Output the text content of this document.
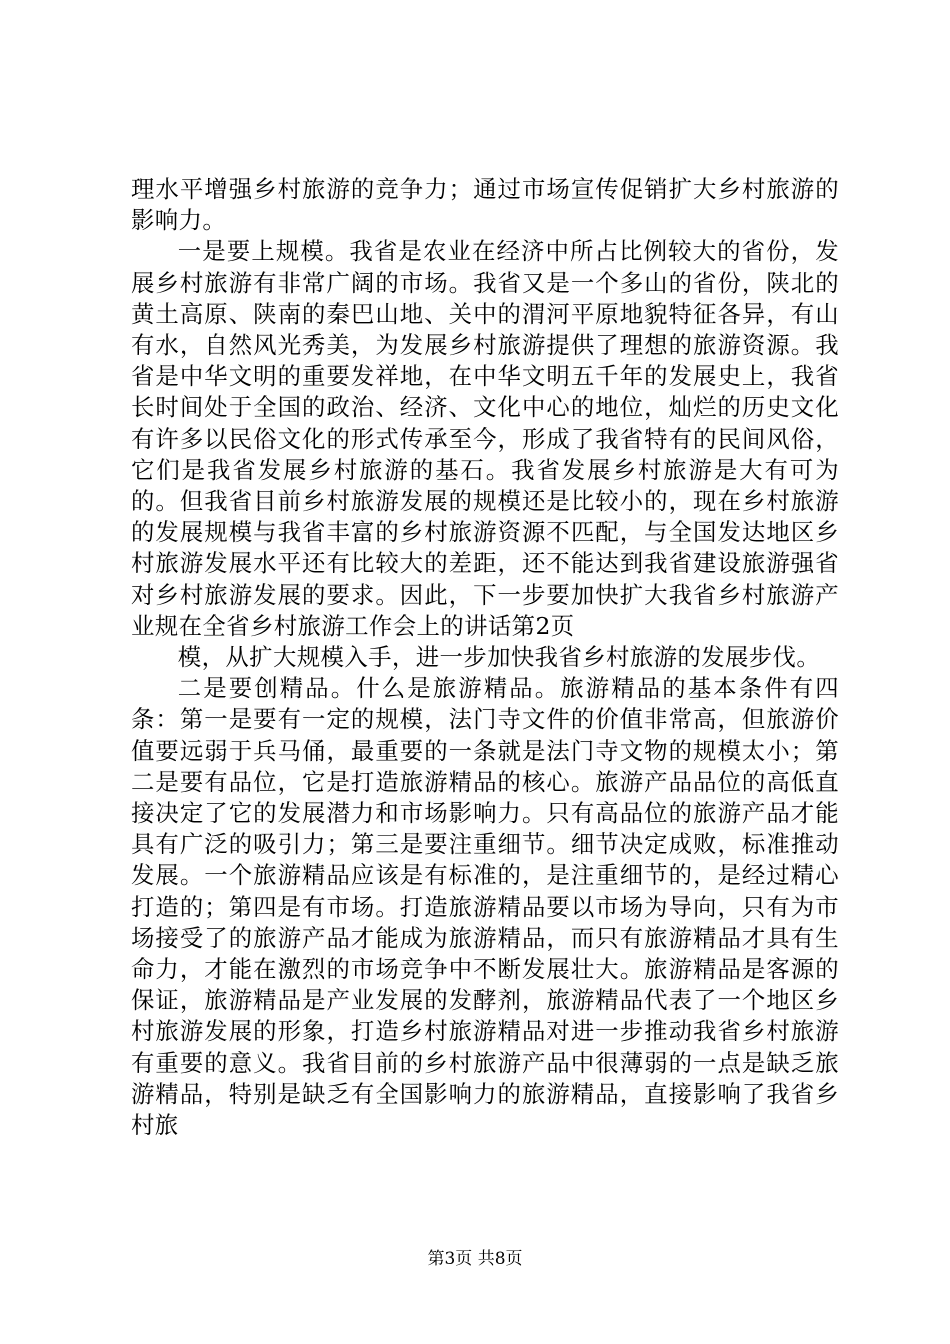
理水平增强乡村旅游的竞争力；通过市场宣传促销扩大乡村旅游的影响力。

一是要上规模。我省是农业在经济中所占比例较大的省份，发展乡村旅游有非常广阔的市场。我省又是一个多山的省份，陕北的黄土高原、陕南的秦巴山地、关中的渭河平原地貌特征各异，有山有水，自然风光秀美，为发展乡村旅游提供了理想的旅游资源。我省是中华文明的重要发祥地，在中华文明五千年的发展史上，我省长时间处于全国的政治、经济、文化中心的地位，灿烂的历史文化有许多以民俗文化的形式传承至今，形成了我省特有的民间风俗，它们是我省发展乡村旅游的基石。我省发展乡村旅游是大有可为的。但我省目前乡村旅游发展的规模还是比较小的，现在乡村旅游的发展规模与我省丰富的乡村旅游资源不匹配，与全国发达地区乡村旅游发展水平还有比较大的差距，还不能达到我省建设旅游强省对乡村旅游发展的要求。因此，下一步要加快扩大我省乡村旅游产业规在全省乡村旅游工作会上的讲话第2页

模，从扩大规模入手，进一步加快我省乡村旅游的发展步伐。

二是要创精品。什么是旅游精品。旅游精品的基本条件有四条：第一是要有一定的规模，法门寺文件的价值非常高，但旅游价值要远弱于兵马俑，最重要的一条就是法门寺文物的规模太小；第二是要有品位，它是打造旅游精品的核心。旅游产品品位的高低直接决定了它的发展潜力和市场影响力。只有高品位的旅游产品才能具有广泛的吸引力；第三是要注重细节。细节决定成败，标准推动发展。一个旅游精品应该是有标准的，是注重细节的，是经过精心打造的；第四是有市场。打造旅游精品要以市场为导向，只有为市场接受了的旅游产品才能成为旅游精品，而只有旅游精品才具有生命力，才能在激烈的市场竞争中不断发展壮大。旅游精品是客源的保证，旅游精品是产业发展的发酵剂，旅游精品代表了一个地区乡村旅游发展的形象，打造乡村旅游精品对进一步推动我省乡村旅游有重要的意义。我省目前的乡村旅游产品中很薄弱的一点是缺乏旅游精品，特别是缺乏有全国影响力的旅游精品，直接影响了我省乡村旅

第3页 共8页
